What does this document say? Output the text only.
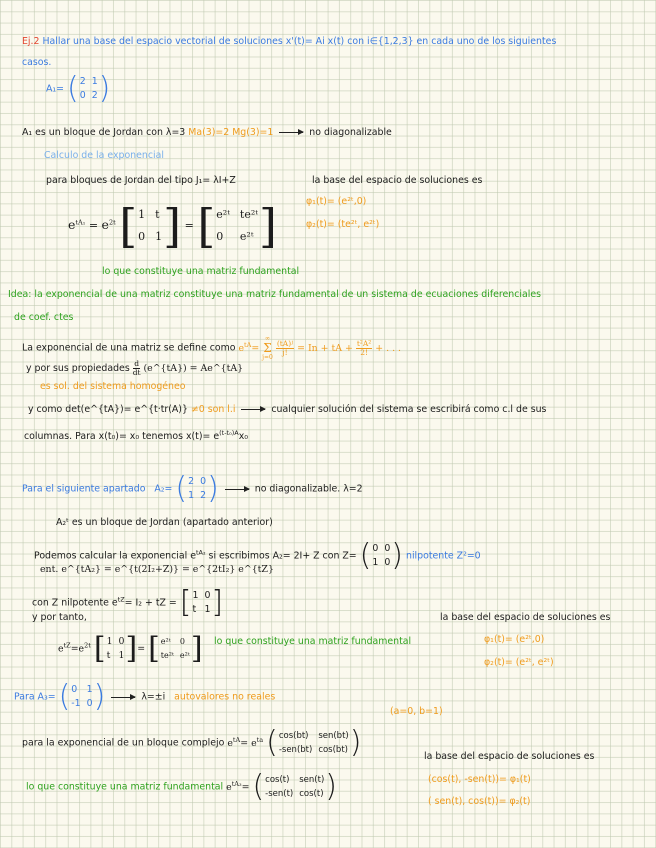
Ej.2 Hallar una base del espacio vectorial de soluciones x'(t)= Ai x(t) con i∈{1,2,3} en cada uno de los siguientes
casos.
A₁= ( 2 1
0 2 )
A₁ es un bloque de Jordan con λ=3 Ma(3)=2 Mg(3)=1	no diagonalizable
Calculo de la exponencial
para bloques de Jordan del tipo J₁= λI+Z	la base del espacio de soluciones es
φ₁(t)= (e²ᵗ,0)
φ₂(t)= (te²ᵗ, e²ᵗ)
$e^{tA_1} = e^{2t}$ [ 1 t
0 1 ] = [ e²ᵗ te²ᵗ
0	e²ᵗ ]
lo que constituye una matriz fundamental
Idea: la exponencial de una matriz constituye una matriz fundamental de un sistema de ecuaciones diferenciales
de coef. ctes
La exponencial de una matriz se define como $e^{tA}=$
∞
Σ
j=0

$\frac{\text{(tA)ʲ}}{j!} = In$ + tA + $\frac{\text{t²A²}}{2!}$ + . . .
y por sus propiedades $\frac{d}{dt}$ (e^{tA}) = Ae^{tA}
es sol. del sistema homogéneo
y como det(e^{tA})= e^{t·tr(A)} ≠0 son l.i	cualquier solución del sistema se escribirá como c.l de sus
columnas. Para x(t₀)= x₀ tenemos $x(t)= e^{(t-t_0)A}x_0$
Para el siguiente apartado A₂= ( 2 0
1 2 )	no diagonalizable. λ=2
A₂ᵗ es un bloque de Jordan (apartado anterior)
Podemos calcular la exponencial $e^{tA_2}$ si escribimos A₂= 2I+ Z con Z= ( 0 0
1 0 ) nilpotente Z²=0
ent. e^{tA₂} = e^{t(2I₂+Z)} = e^{2tI₂} e^{tZ}
con Z nilpotente $e^{tZ}= I_2$ + tZ = [ 1 0
t 1 ]
y por tanto,	la base del espacio de soluciones es
$e^{tZ}=e^{2t}$ [ 1 0
t 1 ] = [ e²ᵗ	0
te²ᵗ e²ᵗ ] lo que constituye una matriz fundamental	φ₁(t)= (e²ᵗ,0)
φ₂(t)= (e²ᵗ, e²ᵗ)
Para A₃= ( 0 1
-1 0 )	λ=±i autovalores no reales
(a=0, b=1)
para la exponencial de un bloque complejo $e^{tA}= e^{ta}$ ( cos(bt)	sen(bt)
-sen(bt) cos(bt) )	la base del espacio de soluciones es
lo que constituye una matriz fundamental $e^{tA_3}=$ ( cos(t)	sen(t)
-sen(t) cos(t) )	(cos(t), -sen(t))= φ₁(t)
( sen(t), cos(t))= φ₂(t)
